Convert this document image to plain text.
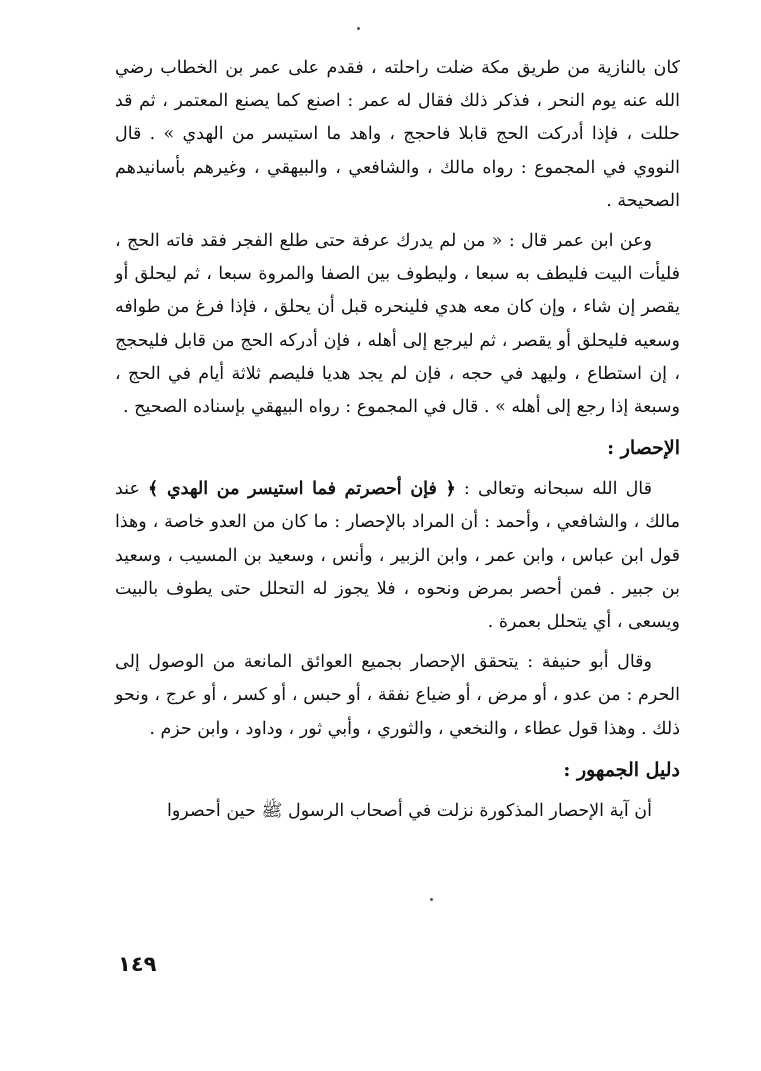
كان بالنازية من طريق مكة ضلت راحلته ، فقدم على عمر بن الخطاب رضي الله عنه يوم النحر ، فذكر ذلك فقال له عمر : اصنع كما يصنع المعتمر ، ثم قد حللت ، فإذا أدركت الحج قابلا فاحجج ، واهد ما استيسر من الهدي » . قال النووي في المجموع : رواه مالك ، والشافعي ، والبيهقي ، وغيرهم بأسانيدهم الصحيحة .

وعن ابن عمر قال : « من لم يدرك عرفة حتى طلع الفجر فقد فاته الحج ، فليأت البيت فليطف به سبعا ، وليطوف بين الصفا والمروة سبعا ، ثم ليحلق أو يقصر إن شاء ، وإن كان معه هدي فلينحره قبل أن يحلق ، فإذا فرغ من طوافه وسعيه فليحلق أو يقصر ، ثم ليرجع إلى أهله ، فإن أدركه الحج من قابل فليحجج ، إن استطاع ، وليهد في حجه ، فإن لم يجد هديا فليصم ثلاثة أيام في الحج ، وسبعة إذا رجع إلى أهله » . قال في المجموع : رواه البيهقي بإسناده الصحيح .

الإحصار :

قال الله سبحانه وتعالى : ﴿ فإن أحصرتم فما استيسر من الهدي ﴾ عند مالك ، والشافعي ، وأحمد : أن المراد بالإحصار : ما كان من العدو خاصة ، وهذا قول ابن عباس ، وابن عمر ، وابن الزبير ، وأنس ، وسعيد بن المسيب ، وسعيد بن جبير . فمن أحصر بمرض ونحوه ، فلا يجوز له التحلل حتى يطوف بالبيت ويسعى ، أي يتحلل بعمرة .

وقال أبو حنيفة : يتحقق الإحصار بجميع العوائق المانعة من الوصول إلى الحرم : من عدو ، أو مرض ، أو ضياع نفقة ، أو حبس ، أو كسر ، أو عرج ، ونحو ذلك . وهذا قول عطاء ، والنخعي ، والثوري ، وأبي ثور ، وداود ، وابن حزم .

دليل الجمهور :

أن آية الإحصار المذكورة نزلت في أصحاب الرسول ﷺ حين أحصروا

١٤٩
